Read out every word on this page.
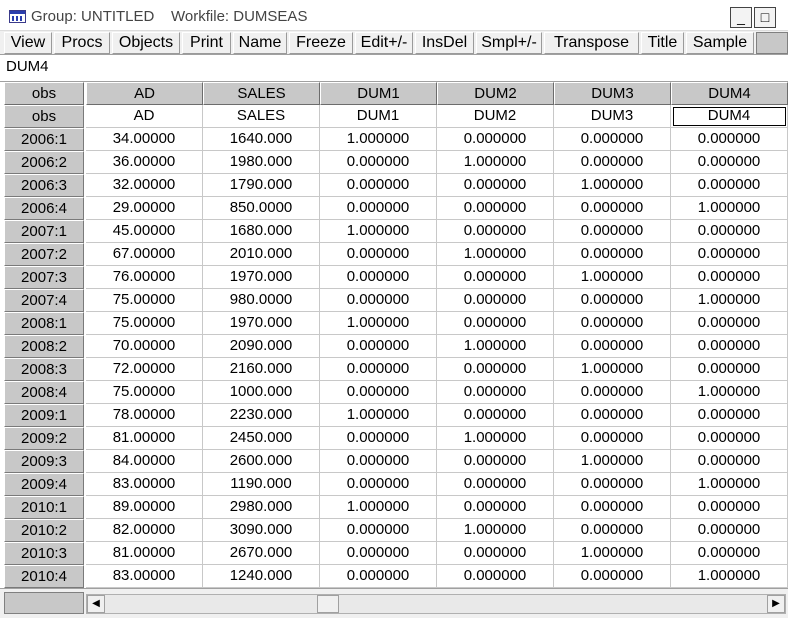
Group: UNTITLED    Workfile: DUMSEAS	_	□
View	Procs	Objects	Print Name Freeze Edit+/- InsDel Smpl+/-	Transpose	Title Sample
DUM4
obs	AD	SALES	DUM1	DUM2	DUM3	DUM4
obs	AD	SALES	DUM1	DUM2	DUM3	DUM4
2006:1	34.00000	1640.000	1.000000	0.000000	0.000000	0.000000
2006:2	36.00000	1980.000	0.000000	1.000000	0.000000	0.000000
2006:3	32.00000	1790.000	0.000000	0.000000	1.000000	0.000000
2006:4	29.00000	850.0000	0.000000	0.000000	0.000000	1.000000
2007:1	45.00000	1680.000	1.000000	0.000000	0.000000	0.000000
2007:2	67.00000	2010.000	0.000000	1.000000	0.000000	0.000000
2007:3	76.00000	1970.000	0.000000	0.000000	1.000000	0.000000
2007:4	75.00000	980.0000	0.000000	0.000000	0.000000	1.000000
2008:1	75.00000	1970.000	1.000000	0.000000	0.000000	0.000000
2008:2	70.00000	2090.000	0.000000	1.000000	0.000000	0.000000
2008:3	72.00000	2160.000	0.000000	0.000000	1.000000	0.000000
2008:4	75.00000	1000.000	0.000000	0.000000	0.000000	1.000000
2009:1	78.00000	2230.000	1.000000	0.000000	0.000000	0.000000
2009:2	81.00000	2450.000	0.000000	1.000000	0.000000	0.000000
2009:3	84.00000	2600.000	0.000000	0.000000	1.000000	0.000000
2009:4	83.00000	1190.000	0.000000	0.000000	0.000000	1.000000
2010:1	89.00000	2980.000	1.000000	0.000000	0.000000	0.000000
2010:2	82.00000	3090.000	0.000000	1.000000	0.000000	0.000000
2010:3	81.00000	2670.000	0.000000	0.000000	1.000000	0.000000
2010:4	83.00000	1240.000	0.000000	0.000000	0.000000	1.000000
◀	▶
